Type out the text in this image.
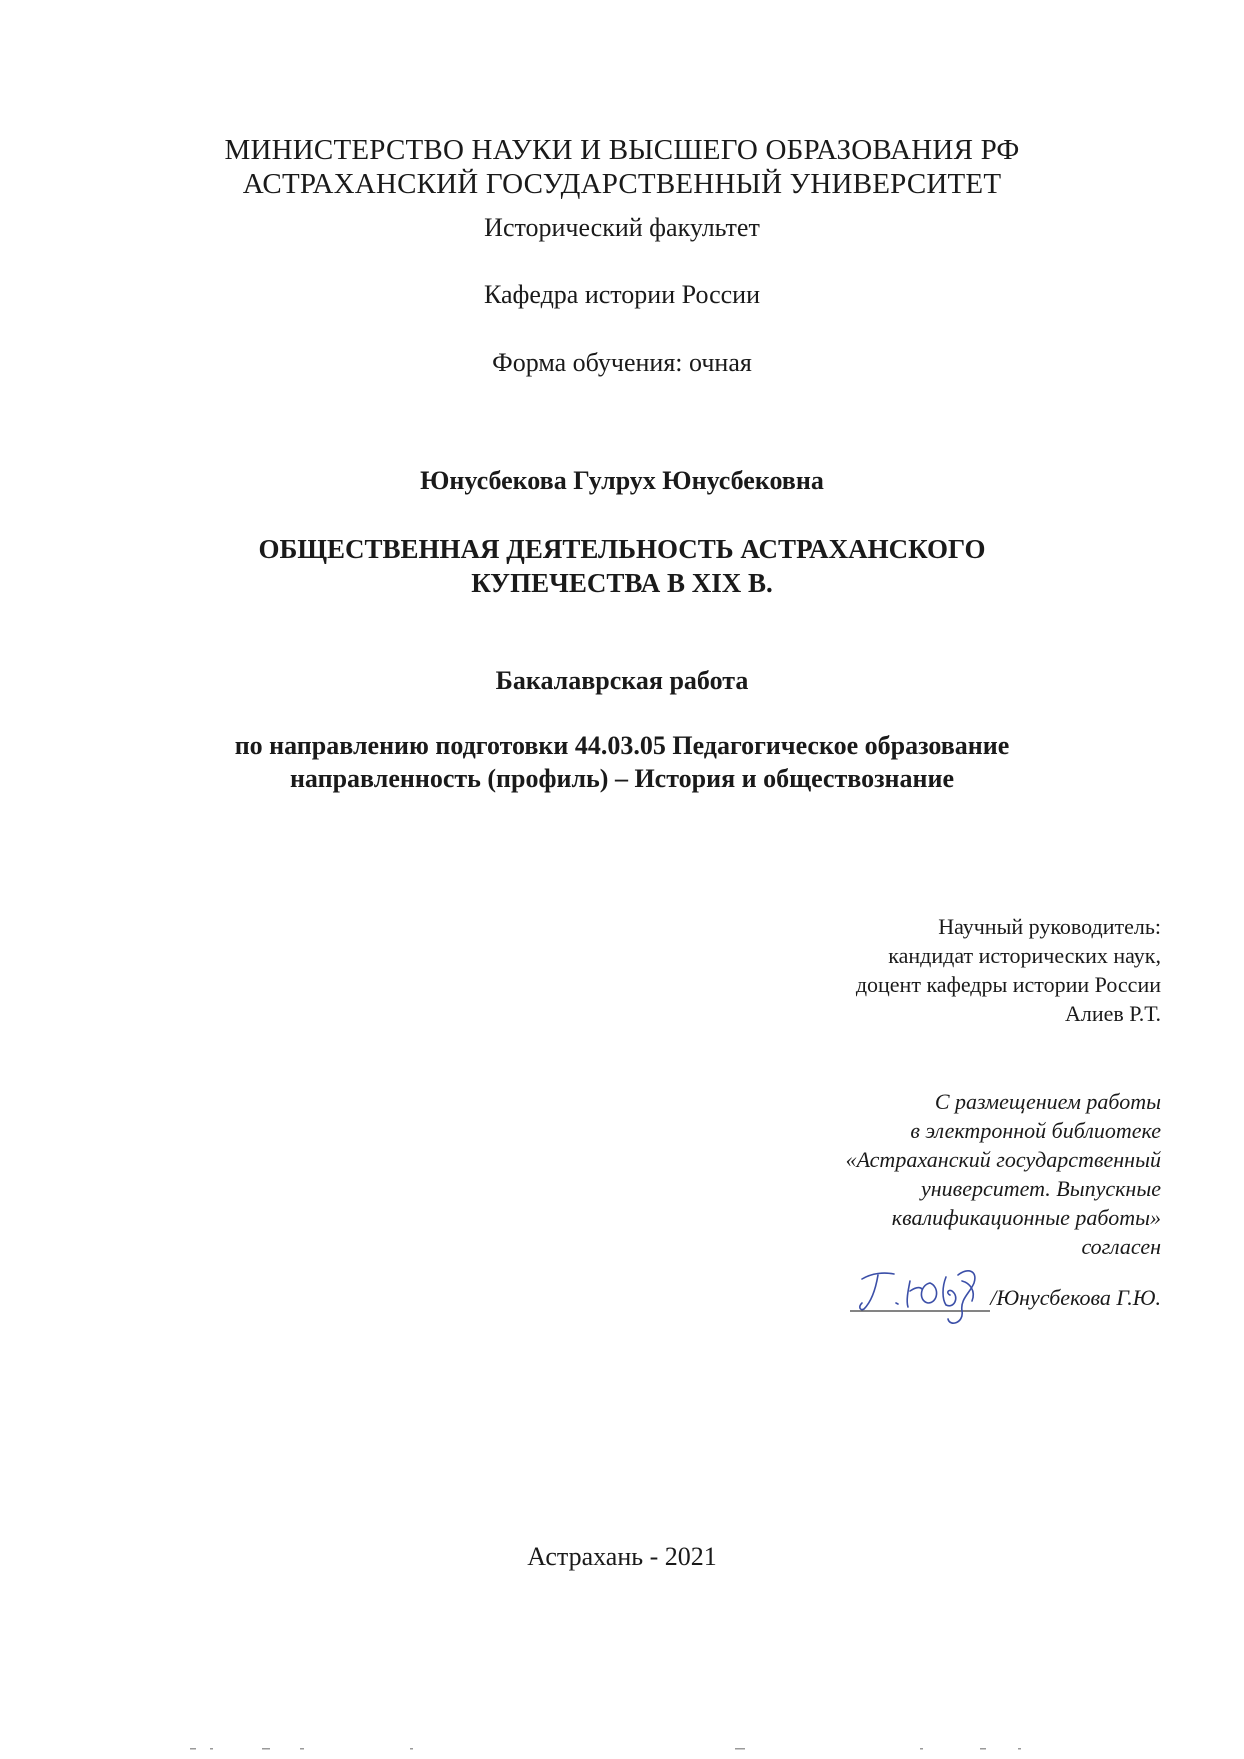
МИНИСТЕРСТВО НАУКИ И ВЫСШЕГО ОБРАЗОВАНИЯ РФ
АСТРАХАНСКИЙ ГОСУДАРСТВЕННЫЙ УНИВЕРСИТЕТ
Исторический факультет
Кафедра истории России
Форма обучения: очная
Юнусбекова Гулрух Юнусбековна
ОБЩЕСТВЕННАЯ ДЕЯТЕЛЬНОСТЬ АСТРАХАНСКОГО
КУПЕЧЕСТВА В XIX В.
Бакалаврская работа
по направлению подготовки 44.03.05 Педагогическое образование
направленность (профиль) – История и обществознание
Научный руководитель:
кандидат исторических наук,
доцент кафедры истории России
Алиев Р.Т.
С размещением работы
в электронной библиотеке
«Астраханский государственный
университет. Выпускные
квалификационные работы»
согласен
/Юнусбекова Г.Ю.
Астрахань - 2021
